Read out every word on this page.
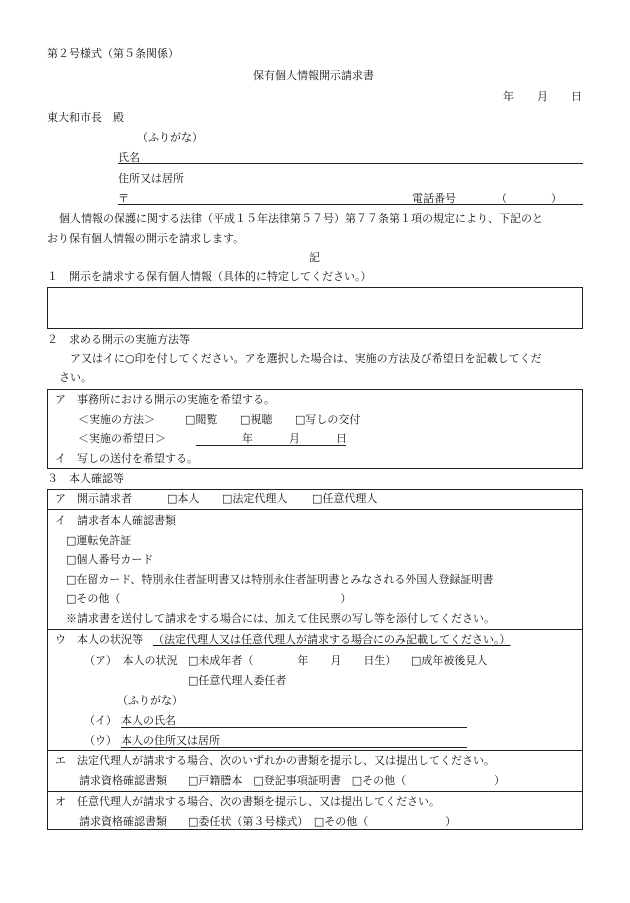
第２号様式（第５条関係）
保有個人情報開示請求書
年 月 日
東大和市長　殿
（ふりがな）
氏名
住所又は居所
〒	電話番号	（　　　　）
個人情報の保護に関する法律（平成１５年法律第５７号）第７７条第１項の規定により、下記のと
おり保有個人情報の開示を請求します。
記
１　開示を請求する保有個人情報（具体的に特定してください。）
２　求める開示の実施方法等
ア又はイに○印を付してください。アを選択した場合は、実施の方法及び希望日を記載してくだ
さい。
ア　事務所における開示の実施を希望する。
＜実施の方法＞	□閲覧 □視聴 □写しの交付
＜実施の希望日＞	年	月	日
イ　写しの送付を希望する。
３　本人確認等
ア　開示請求者	□本人 □法定代理人 □任意代理人
イ　請求者本人確認書類
□運転免許証
□個人番号カード
□在留カード、特別永住者証明書又は特別永住者証明書とみなされる外国人登録証明書
□その他（　　　　　　　　　　　　　　　　　　　　）
※請求書を送付して請求をする場合には、加えて住民票の写し等を添付してください。
ウ　本人の状況等 （法定代理人又は任意代理人が請求する場合にのみ記載してください。）
（ア）　本人の状況 □未成年者（　　　　年　　月　　日生） □成年被後見人
□任意代理人委任者
（ふりがな）
（イ） 本人の氏名
（ウ） 本人の住所又は居所
エ　法定代理人が請求する場合、次のいずれかの書類を提示し、又は提出してください。
請求資格確認書類 □戸籍謄本　□登記事項証明書　□その他（　　　　　　　　）
オ　任意代理人が請求する場合、次の書類を提示し、又は提出してください。
請求資格確認書類 □委任状（第３号様式）　□その他（　　　　　　　）
